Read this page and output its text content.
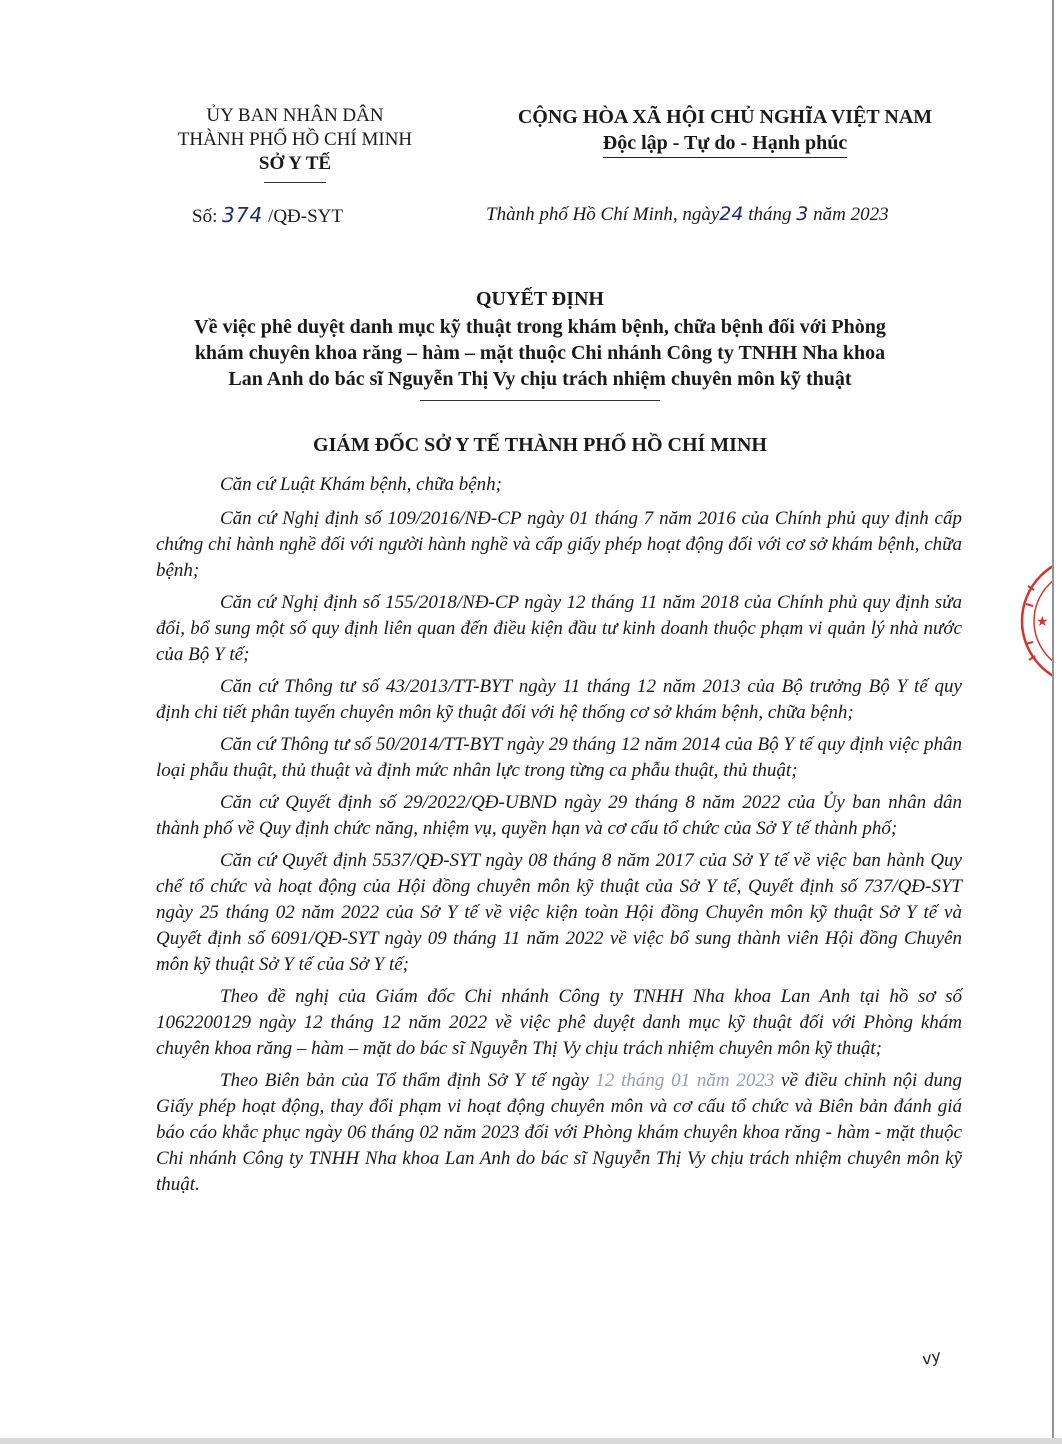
ỦY BAN NHÂN DÂN
THÀNH PHỐ HỒ CHÍ MINH
SỞ Y TẾ
CỘNG HÒA XÃ HỘI CHỦ NGHĨA VIỆT NAM
Độc lập - Tự do - Hạnh phúc
Số: 374 /QĐ-SYT	Thành phố Hồ Chí Minh, ngày24 tháng 3 năm 2023
QUYẾT ĐỊNH
Về việc phê duyệt danh mục kỹ thuật trong khám bệnh, chữa bệnh đối với Phòng
khám chuyên khoa răng – hàm – mặt thuộc Chi nhánh Công ty TNHH Nha khoa
Lan Anh do bác sĩ Nguyễn Thị Vy chịu trách nhiệm chuyên môn kỹ thuật
GIÁM ĐỐC SỞ Y TẾ THÀNH PHỐ HỒ CHÍ MINH

Căn cứ Luật Khám bệnh, chữa bệnh;

Căn cứ Nghị định số 109/2016/NĐ-CP ngày 01 tháng 7 năm 2016 của Chính phủ quy định cấp chứng chỉ hành nghề đối với người hành nghề và cấp giấy phép hoạt động đối với cơ sở khám bệnh, chữa bệnh;

Căn cứ Nghị định số 155/2018/NĐ-CP ngày 12 tháng 11 năm 2018 của Chính phủ quy định sửa đổi, bổ sung một số quy định liên quan đến điều kiện đầu tư kinh doanh thuộc phạm vi quản lý nhà nước của Bộ Y tế;

Căn cứ Thông tư số 43/2013/TT-BYT ngày 11 tháng 12 năm 2013 của Bộ trưởng Bộ Y tế quy định chi tiết phân tuyến chuyên môn kỹ thuật đối với hệ thống cơ sở khám bệnh, chữa bệnh;

Căn cứ Thông tư số 50/2014/TT-BYT ngày 29 tháng 12 năm 2014 của Bộ Y tế quy định việc phân loại phẫu thuật, thủ thuật và định mức nhân lực trong từng ca phẫu thuật, thủ thuật;

Căn cứ Quyết định số 29/2022/QĐ-UBND ngày 29 tháng 8 năm 2022 của Ủy ban nhân dân thành phố về Quy định chức năng, nhiệm vụ, quyền hạn và cơ cấu tổ chức của Sở Y tế thành phố;

Căn cứ Quyết định 5537/QĐ-SYT ngày 08 tháng 8 năm 2017 của Sở Y tế về việc ban hành Quy chế tổ chức và hoạt động của Hội đồng chuyên môn kỹ thuật của Sở Y tế, Quyết định số 737/QĐ-SYT ngày 25 tháng 02 năm 2022 của Sở Y tế về việc kiện toàn Hội đồng Chuyên môn kỹ thuật Sở Y tế và Quyết định số 6091/QĐ-SYT ngày 09 tháng 11 năm 2022 về việc bổ sung thành viên Hội đồng Chuyên môn kỹ thuật Sở Y tế của Sở Y tế;

Theo đề nghị của Giám đốc Chi nhánh Công ty TNHH Nha khoa Lan Anh tại hồ sơ số 1062200129 ngày 12 tháng 12 năm 2022 về việc phê duyệt danh mục kỹ thuật đối với Phòng khám chuyên khoa răng – hàm – mặt do bác sĩ Nguyễn Thị Vy chịu trách nhiệm chuyên môn kỹ thuật;

Theo Biên bản của Tổ thẩm định Sở Y tế ngày 12 tháng 01 năm 2023 về điều chỉnh nội dung Giấy phép hoạt động, thay đổi phạm vi hoạt động chuyên môn và cơ cấu tổ chức và Biên bản đánh giá báo cáo khắc phục ngày 06 tháng 02 năm 2023 đối với Phòng khám chuyên khoa răng - hàm - mặt thuộc Chi nhánh Công ty TNHH Nha khoa Lan Anh do bác sĩ Nguyễn Thị Vy chịu trách nhiệm chuyên môn kỹ thuật.

★
vy
